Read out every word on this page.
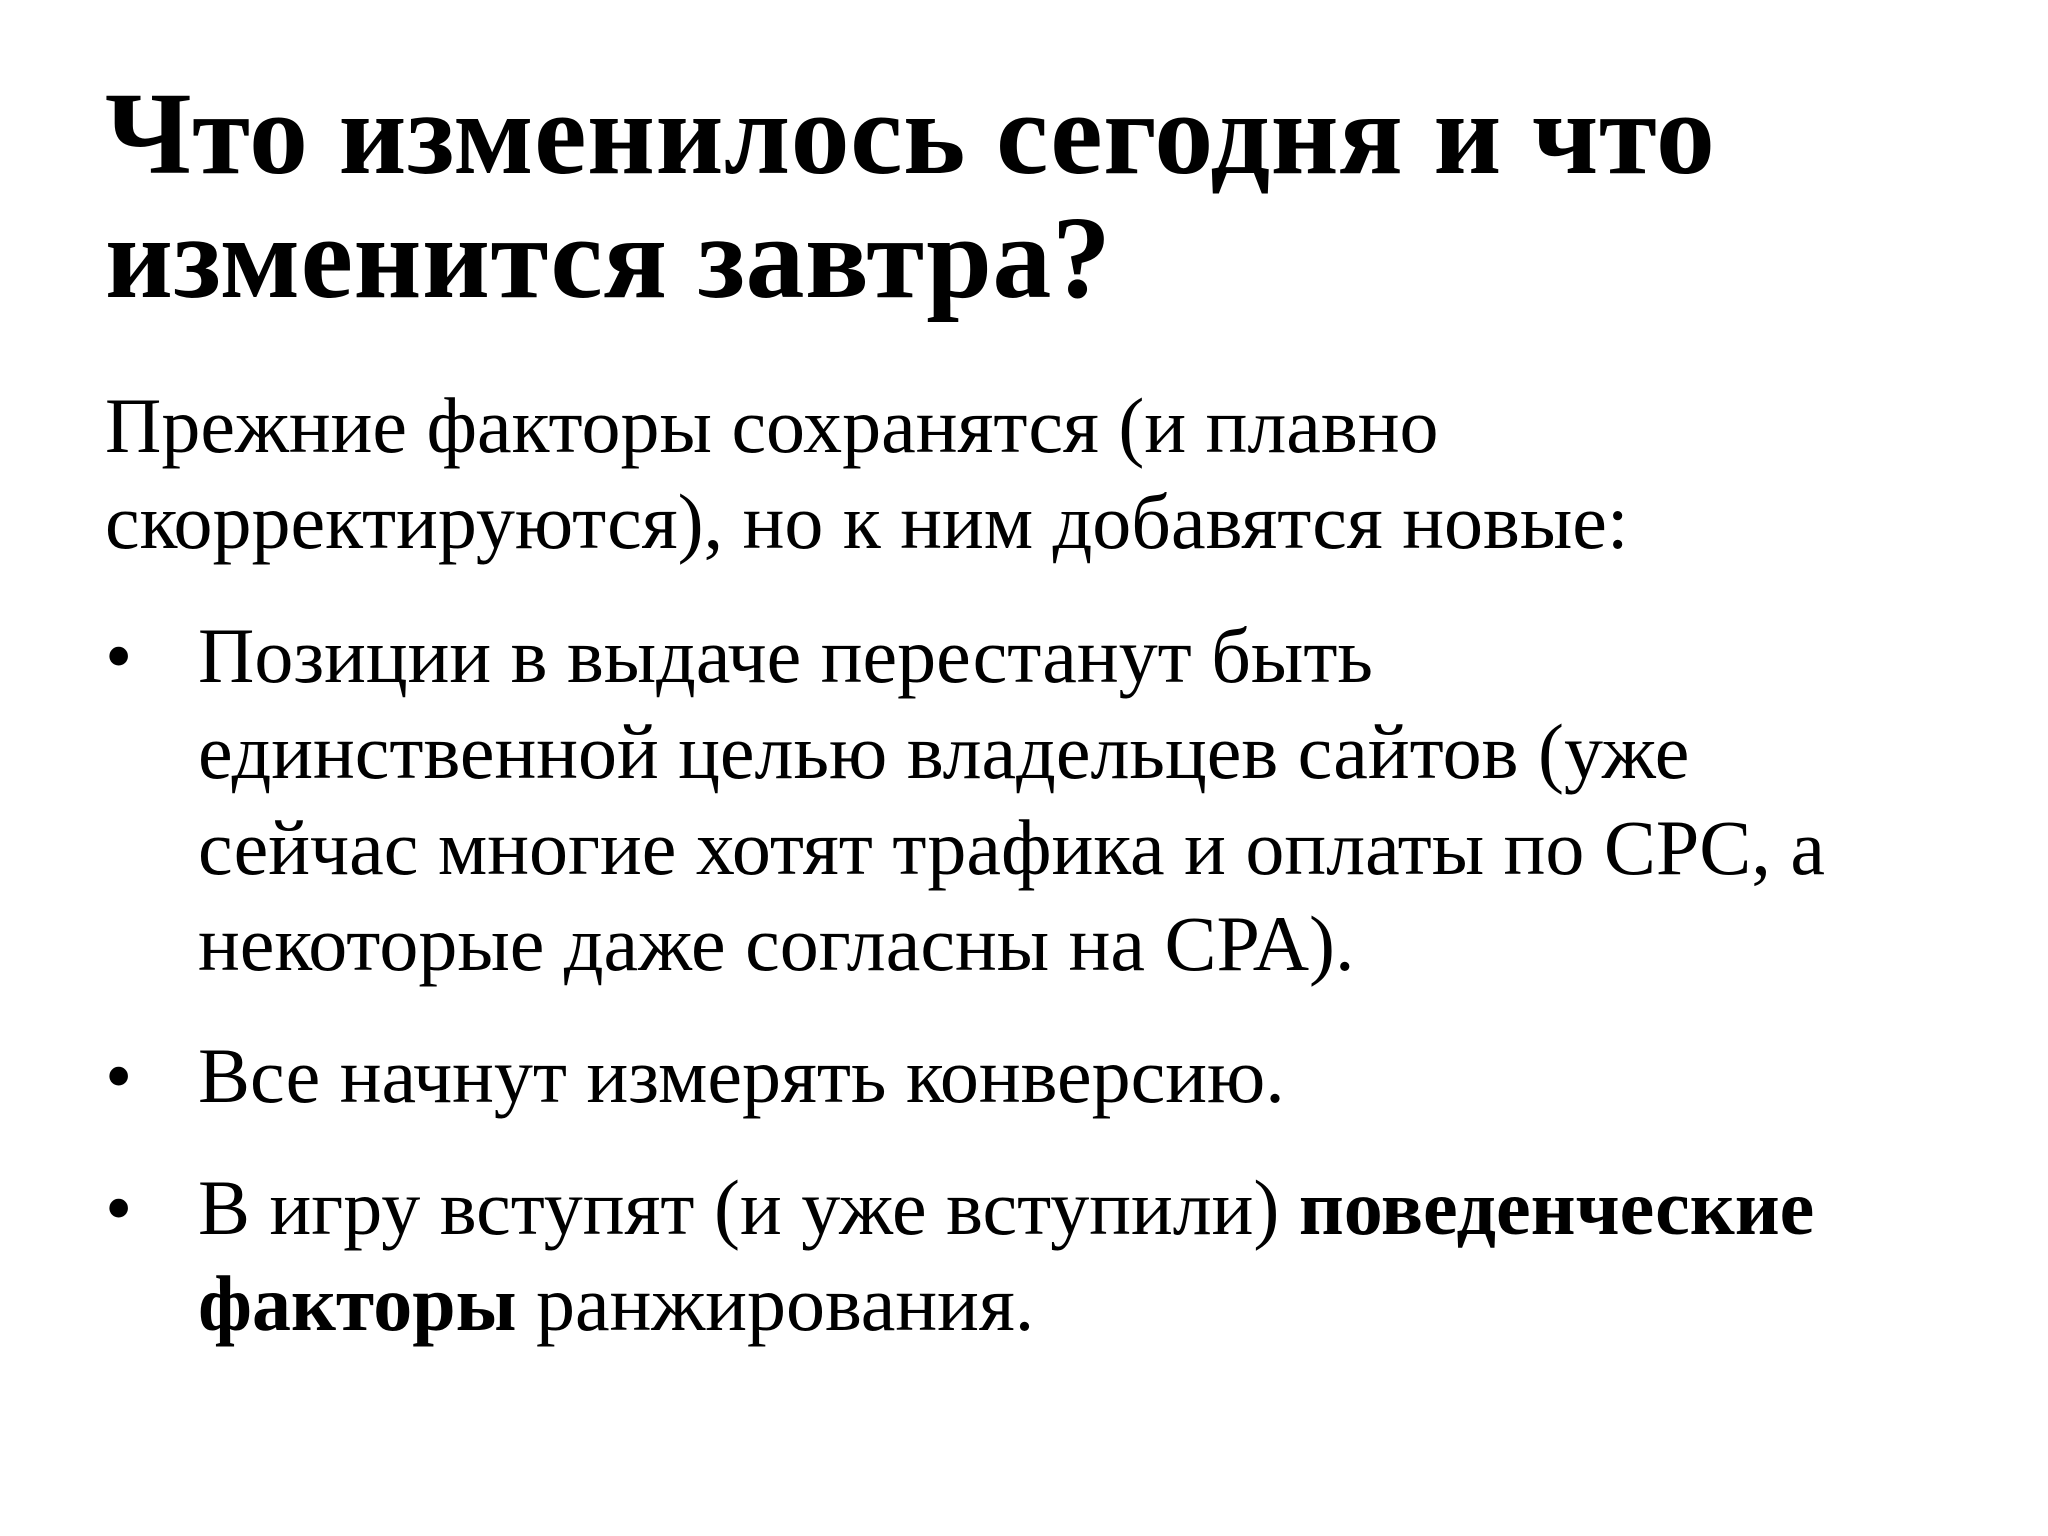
Что изменилось сегодня и что
изменится завтра?

Прежние факторы сохранятся (и плавно
скорректируются), но к ним добавятся новые:

• Позиции в выдаче перестанут быть
единственной целью владельцев сайтов (уже
сейчас многие хотят трафика и оплаты по CPC, а
некоторые даже согласны на CPA).
• Все начнут измерять конверсию.
• В игру вступят (и уже вступили) поведенческие
факторы ранжирования.
